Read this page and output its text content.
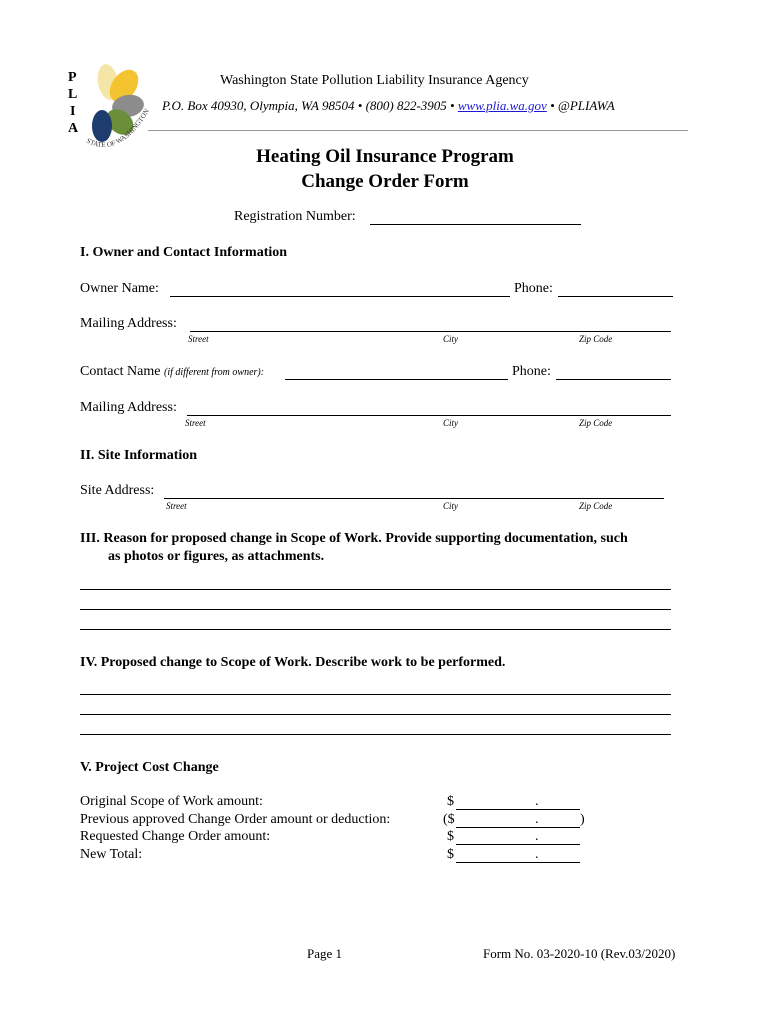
P
L
I
A
STATE OF WASHINGTON
Washington State Pollution Liability Insurance Agency
P.O. Box 40930, Olympia, WA 98504 • (800) 822-3905 • www.plia.wa.gov • @PLIAWA
Heating Oil Insurance Program
Change Order Form
Registration Number:
I. Owner and Contact Information
Owner Name:	Phone:
Mailing Address:
Street	City	Zip Code
Contact Name (if different from owner):	Phone:
Mailing Address:
Street	City	Zip Code
II. Site Information
Site Address:
Street	City	Zip Code
III. Reason for proposed change in Scope of Work. Provide supporting documentation, such
as photos or figures, as attachments.
IV. Proposed change to Scope of Work. Describe work to be performed.
V. Project Cost Change
Original Scope of Work amount:	$	.
Previous approved Change Order amount or deduction:	($	.	)
Requested Change Order amount:	$	.
New Total:	$	.
Page 1	Form No. 03-2020-10 (Rev.03/2020)
